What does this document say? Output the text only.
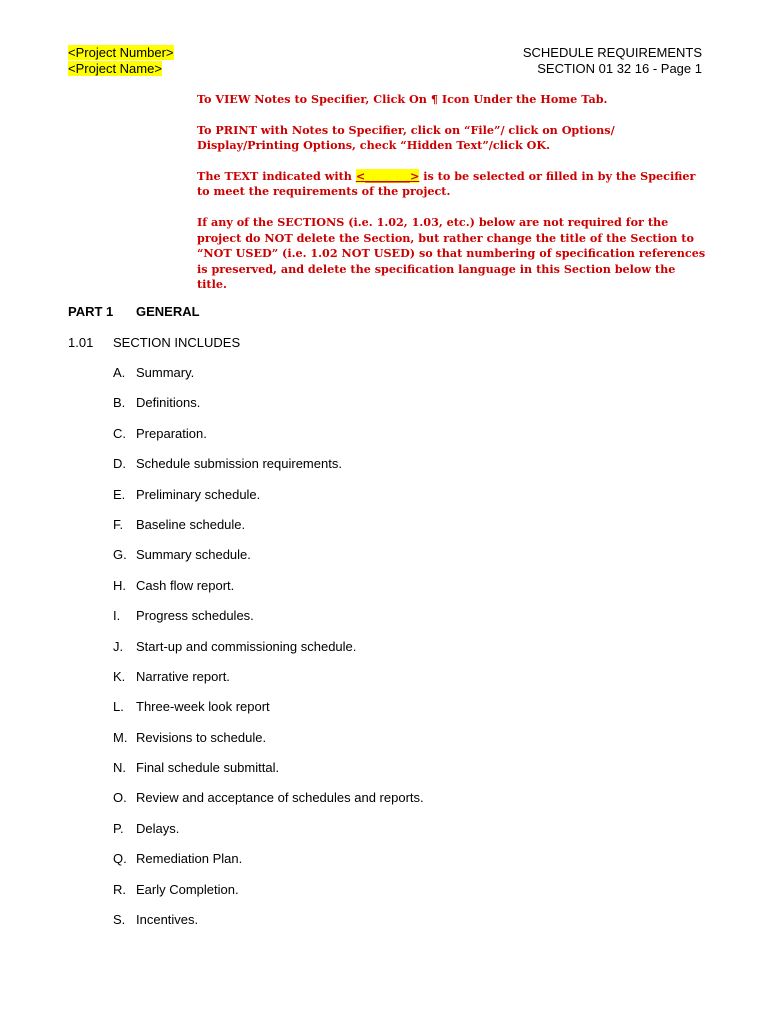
<Project Number>
<Project Name>
SCHEDULE REQUIREMENTS
SECTION 01 32 16 - Page 1

To VIEW Notes to Specifier, Click On ¶ Icon Under the Home Tab.

To PRINT with Notes to Specifier, click on “File”/ click on Options/ Display/Printing Options, check “Hidden Text”/click OK.

The TEXT indicated with <________> is to be selected or filled in by the Specifier to meet the requirements of the project.

If any of the SECTIONS (i.e. 1.02, 1.03, etc.) below are not required for the project do NOT delete the Section, but rather change the title of the Section to “NOT USED” (i.e. 1.02 NOT USED) so that numbering of specification references is preserved, and delete the specification language in this Section below the title.

PART 1	GENERAL
1.01 SECTION INCLUDES
A. Summary.
B. Definitions.
C. Preparation.
D. Schedule submission requirements.
E. Preliminary schedule.
F. Baseline schedule.
G. Summary schedule.
H. Cash flow report.
I.	Progress schedules.
J. Start-up and commissioning schedule.
K. Narrative report.
L. Three-week look report
M. Revisions to schedule.
N. Final schedule submittal.
O. Review and acceptance of schedules and reports.
P. Delays.
Q. Remediation Plan.
R. Early Completion.
S. Incentives.
